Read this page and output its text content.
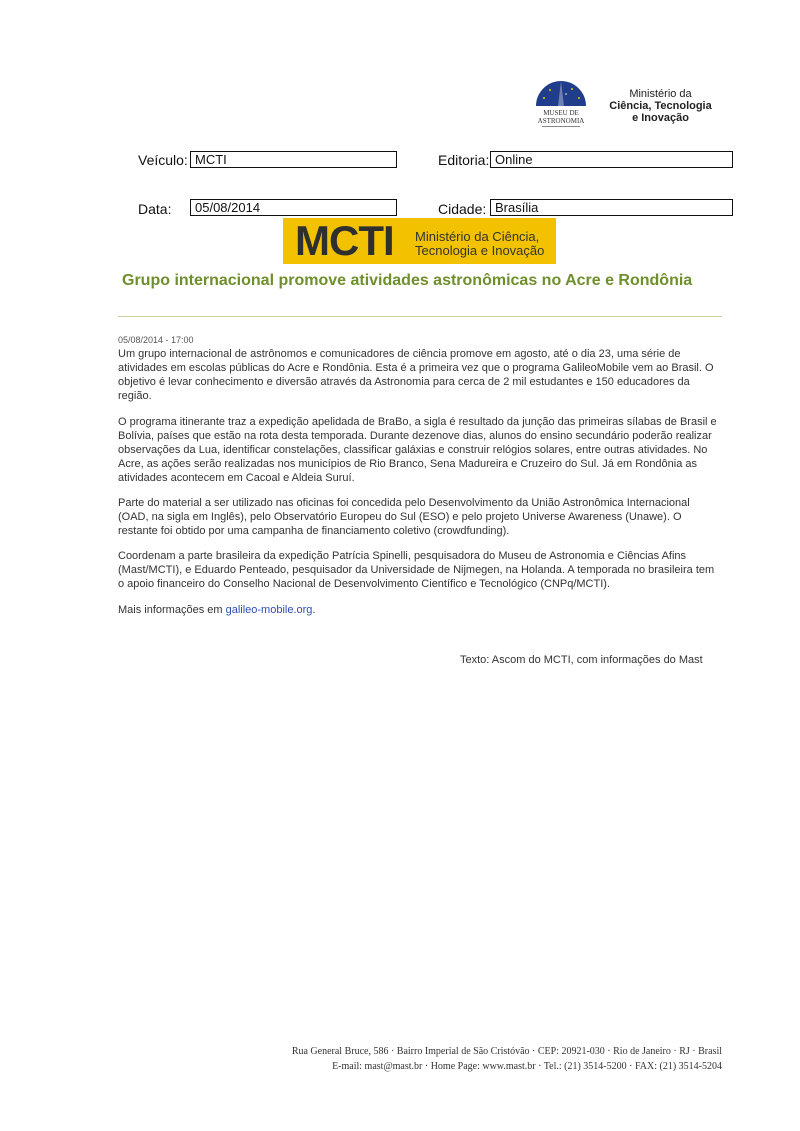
MUSEU DE
ASTRONOMIA
Ministério da
Ciência, Tecnologia
e Inovação
Veículo: MCTI	Editoria: Online
Data:	05/08/2014	Cidade: Brasília
MCTI Ministério da Ciência,
Tecnologia e Inovação
Grupo internacional promove atividades astronômicas no Acre e Rondônia
05/08/2014 - 17:00
Um grupo internacional de astrônomos e comunicadores de ciência promove em agosto, até o dia 23, uma série de atividades em escolas públicas do Acre e Rondônia. Esta é a primeira vez que o programa GalileoMobile vem ao Brasil. O objetivo é levar conhecimento e diversão através da Astronomia para cerca de 2 mil estudantes e 150 educadores da região.
O programa itinerante traz a expedição apelidada de BraBo, a sigla é resultado da junção das primeiras sílabas de Brasil e Bolívia, países que estão na rota desta temporada. Durante dezenove dias, alunos do ensino secundário poderão realizar observações da Lua, identificar constelações, classificar galáxias e construir relógios solares, entre outras atividades. No Acre, as ações serão realizadas nos municípios de Rio Branco, Sena Madureira e Cruzeiro do Sul. Já em Rondônia as atividades acontecem em Cacoal e Aldeia Suruí.
Parte do material a ser utilizado nas oficinas foi concedida pelo Desenvolvimento da União Astronômica Internacional (OAD, na sigla em Inglês), pelo Observatório Europeu do Sul (ESO) e pelo projeto Universe Awareness (Unawe). O restante foi obtido por uma campanha de financiamento coletivo (crowdfunding).
Coordenam a parte brasileira da expedição Patrícia Spinelli, pesquisadora do Museu de Astronomia e Ciências Afins (Mast/MCTI), e Eduardo Penteado, pesquisador da Universidade de Nijmegen, na Holanda. A temporada no brasileira tem o apoio financeiro do Conselho Nacional de Desenvolvimento Científico e Tecnológico (CNPq/MCTI).
Mais informações em galileo-mobile.org.
Texto: Ascom do MCTI, com informações do Mast
Rua General Bruce, 586 · Bairro Imperial de São Cristóvão · CEP: 20921-030 · Rio de Janeiro · RJ · Brasil
E-mail: mast@mast.br · Home Page: www.mast.br · Tel.: (21) 3514-5200 · FAX: (21) 3514-5204
